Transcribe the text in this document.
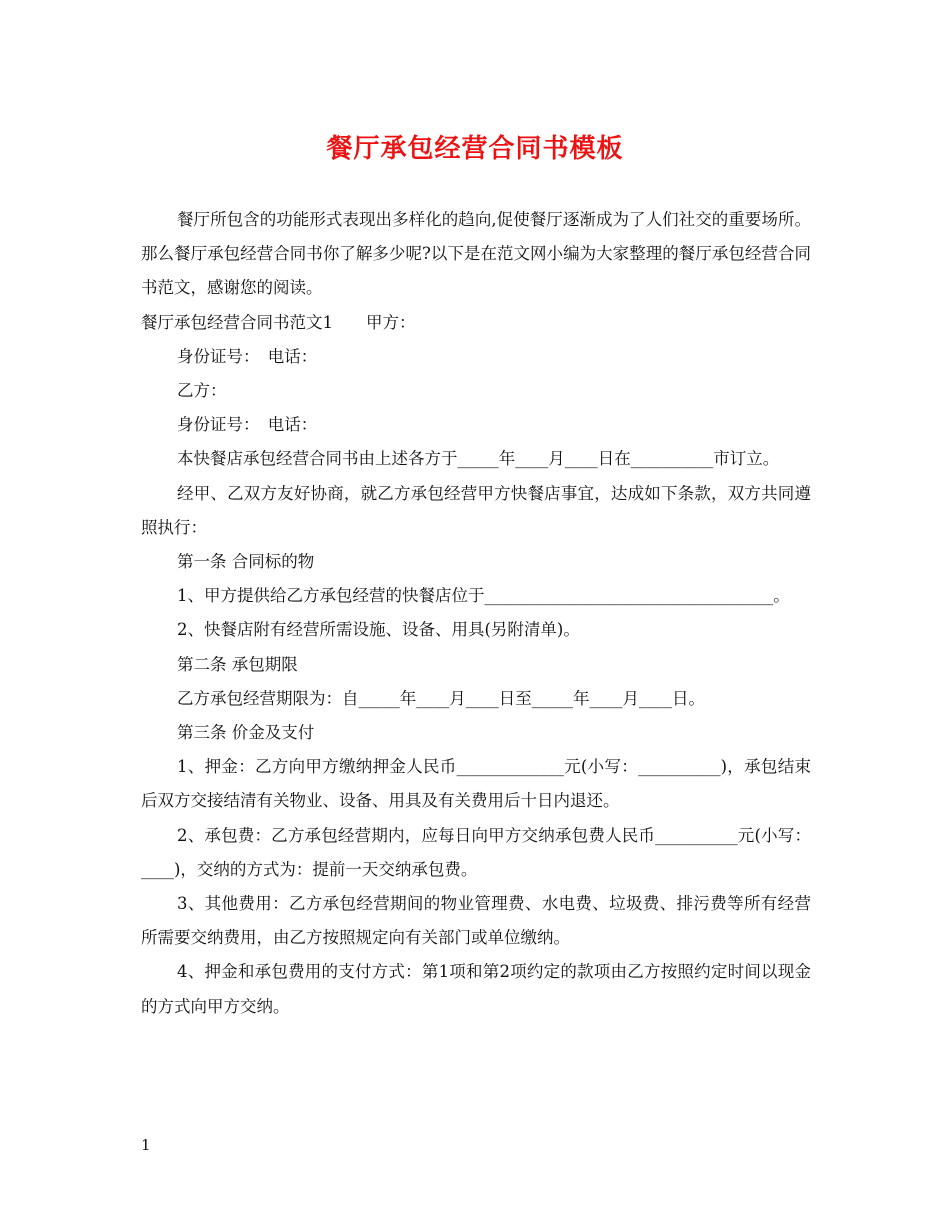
餐厅承包经营合同书模板

餐厅所包含的功能形式表现出多样化的趋向,促使餐厅逐渐成为了人们社交的重要场所。那么餐厅承包经营合同书你了解多少呢?以下是在范文网小编为大家整理的餐厅承包经营合同书范文，感谢您的阅读。

餐厅承包经营合同书范文1　　甲方：

身份证号：　电话：

乙方：

身份证号：　电话：

本快餐店承包经营合同书由上述各方于_____年____月____日在__________市订立。

经甲、乙双方友好协商，就乙方承包经营甲方快餐店事宜，达成如下条款，双方共同遵照执行：

第一条 合同标的物

1、甲方提供给乙方承包经营的快餐店位于___________________________________。

2、快餐店附有经营所需设施、设备、用具(另附清单)。

第二条 承包期限

乙方承包经营期限为：自_____年____月____日至_____年____月____日。

第三条 价金及支付

1、押金：乙方向甲方缴纳押金人民币_____________元(小写：__________)，承包结束后双方交接结清有关物业、设备、用具及有关费用后十日内退还。

2、承包费：乙方承包经营期内，应每日向甲方交纳承包费人民币__________元(小写：____)，交纳的方式为：提前一天交纳承包费。

3、其他费用：乙方承包经营期间的物业管理费、水电费、垃圾费、排污费等所有经营所需要交纳费用，由乙方按照规定向有关部门或单位缴纳。

4、押金和承包费用的支付方式：第1项和第2项约定的款项由乙方按照约定时间以现金的方式向甲方交纳。

1
